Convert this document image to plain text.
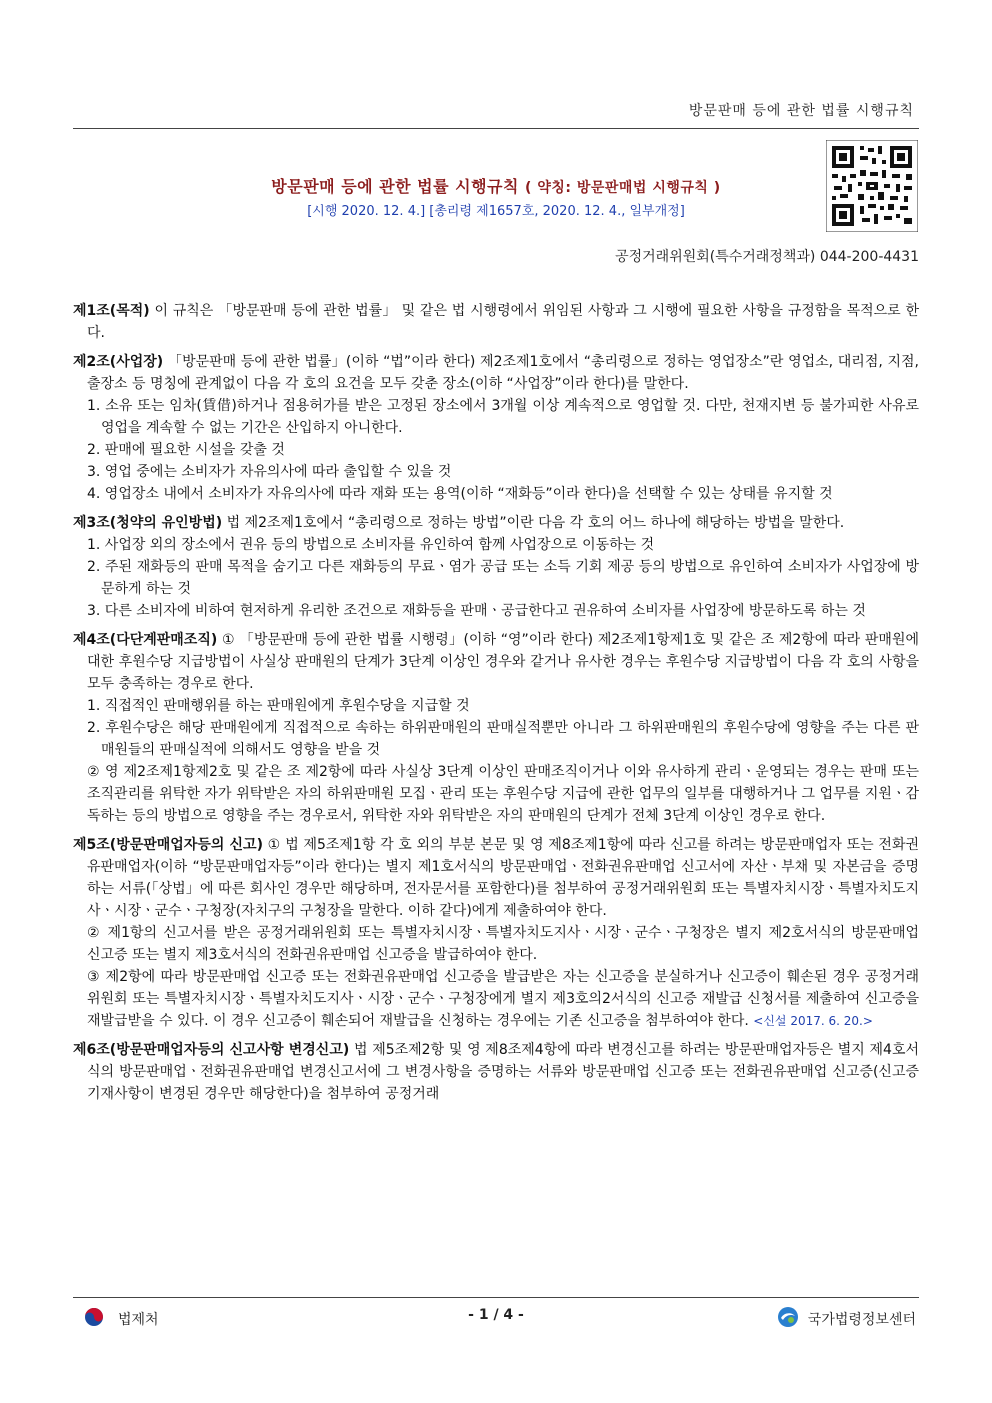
방문판매 등에 관한 법률 시행규칙
방문판매 등에 관한 법률 시행규칙 ( 약칭: 방문판매법 시행규칙 )
[시행 2020. 12. 4.] [총리령 제1657호, 2020. 12. 4., 일부개정]
공정거래위원회(특수거래정책과) 044-200-4431

제1조(목적) 이 규칙은 「방문판매 등에 관한 법률」 및 같은 법 시행령에서 위임된 사항과 그 시행에 필요한 사항을 규정함을 목적으로 한다.

제2조(사업장) 「방문판매 등에 관한 법률」(이하 “법”이라 한다) 제2조제1호에서 “총리령으로 정하는 영업장소”란 영업소, 대리점, 지점, 출장소 등 명칭에 관계없이 다음 각 호의 요건을 모두 갖춘 장소(이하 “사업장”이라 한다)를 말한다.

1. 소유 또는 임차(賃借)하거나 점용허가를 받은 고정된 장소에서 3개월 이상 계속적으로 영업할 것. 다만, 천재지변 등 불가피한 사유로 영업을 계속할 수 없는 기간은 산입하지 아니한다.

2. 판매에 필요한 시설을 갖출 것

3. 영업 중에는 소비자가 자유의사에 따라 출입할 수 있을 것

4. 영업장소 내에서 소비자가 자유의사에 따라 재화 또는 용역(이하 “재화등”이라 한다)을 선택할 수 있는 상태를 유지할 것

제3조(청약의 유인방법) 법 제2조제1호에서 “총리령으로 정하는 방법”이란 다음 각 호의 어느 하나에 해당하는 방법을 말한다.

1. 사업장 외의 장소에서 권유 등의 방법으로 소비자를 유인하여 함께 사업장으로 이동하는 것

2. 주된 재화등의 판매 목적을 숨기고 다른 재화등의 무료ㆍ염가 공급 또는 소득 기회 제공 등의 방법으로 유인하여 소비자가 사업장에 방문하게 하는 것

3. 다른 소비자에 비하여 현저하게 유리한 조건으로 재화등을 판매ㆍ공급한다고 권유하여 소비자를 사업장에 방문하도록 하는 것

제4조(다단계판매조직) ① 「방문판매 등에 관한 법률 시행령」(이하 “영”이라 한다) 제2조제1항제1호 및 같은 조 제2항에 따라 판매원에 대한 후원수당 지급방법이 사실상 판매원의 단계가 3단계 이상인 경우와 같거나 유사한 경우는 후원수당 지급방법이 다음 각 호의 사항을 모두 충족하는 경우로 한다.

1. 직접적인 판매행위를 하는 판매원에게 후원수당을 지급할 것

2. 후원수당은 해당 판매원에게 직접적으로 속하는 하위판매원의 판매실적뿐만 아니라 그 하위판매원의 후원수당에 영향을 주는 다른 판매원들의 판매실적에 의해서도 영향을 받을 것

② 영 제2조제1항제2호 및 같은 조 제2항에 따라 사실상 3단계 이상인 판매조직이거나 이와 유사하게 관리ㆍ운영되는 경우는 판매 또는 조직관리를 위탁한 자가 위탁받은 자의 하위판매원 모집ㆍ관리 또는 후원수당 지급에 관한 업무의 일부를 대행하거나 그 업무를 지원ㆍ감독하는 등의 방법으로 영향을 주는 경우로서, 위탁한 자와 위탁받은 자의 판매원의 단계가 전체 3단계 이상인 경우로 한다.

제5조(방문판매업자등의 신고) ① 법 제5조제1항 각 호 외의 부분 본문 및 영 제8조제1항에 따라 신고를 하려는 방문판매업자 또는 전화권유판매업자(이하 “방문판매업자등”이라 한다)는 별지 제1호서식의 방문판매업ㆍ전화권유판매업 신고서에 자산ㆍ부채 및 자본금을 증명하는 서류(「상법」에 따른 회사인 경우만 해당하며, 전자문서를 포함한다)를 첨부하여 공정거래위원회 또는 특별자치시장ㆍ특별자치도지사ㆍ시장ㆍ군수ㆍ구청장(자치구의 구청장을 말한다. 이하 같다)에게 제출하여야 한다.

② 제1항의 신고서를 받은 공정거래위원회 또는 특별자치시장ㆍ특별자치도지사ㆍ시장ㆍ군수ㆍ구청장은 별지 제2호서식의 방문판매업 신고증 또는 별지 제3호서식의 전화권유판매업 신고증을 발급하여야 한다.

③ 제2항에 따라 방문판매업 신고증 또는 전화권유판매업 신고증을 발급받은 자는 신고증을 분실하거나 신고증이 훼손된 경우 공정거래위원회 또는 특별자치시장ㆍ특별자치도지사ㆍ시장ㆍ군수ㆍ구청장에게 별지 제3호의2서식의 신고증 재발급 신청서를 제출하여 신고증을 재발급받을 수 있다. 이 경우 신고증이 훼손되어 재발급을 신청하는 경우에는 기존 신고증을 첨부하여야 한다. <신설 2017. 6. 20.>

제6조(방문판매업자등의 신고사항 변경신고) 법 제5조제2항 및 영 제8조제4항에 따라 변경신고를 하려는 방문판매업자등은 별지 제4호서식의 방문판매업ㆍ전화권유판매업 변경신고서에 그 변경사항을 증명하는 서류와 방문판매업 신고증 또는 전화권유판매업 신고증(신고증 기재사항이 변경된 경우만 해당한다)을 첨부하여 공정거래

법제처	- 1 / 4 -	국가법령정보센터
